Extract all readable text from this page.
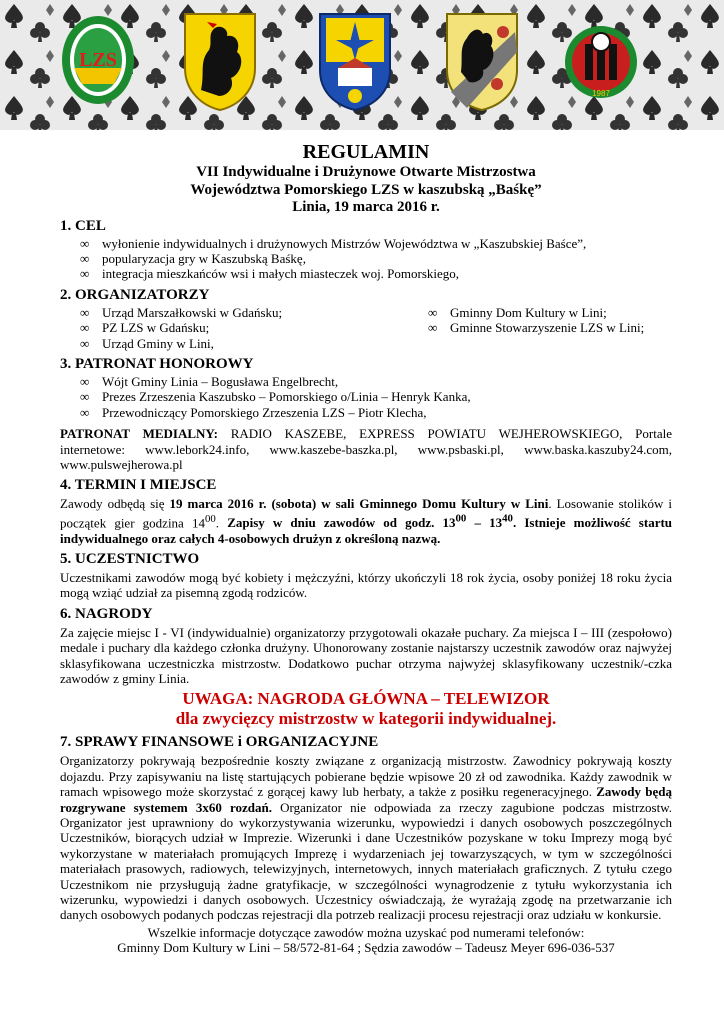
LZS
1987
REGULAMIN
VII Indywidualne i Drużynowe Otwarte Mistrzostwa
Województwa Pomorskiego LZS w kaszubską „Baśkę”
Linia, 19 marca 2016 r.
1. CEL
∞ wyłonienie indywidualnych i drużynowych Mistrzów Województwa w „Kaszubskiej Baśce”,
∞ popularyzacja gry w Kaszubską Baśkę,
∞ integracja mieszkańców wsi i małych miasteczek woj. Pomorskiego,
2. ORGANIZATORZY
∞ Urząd Marszałkowski w Gdańsku;
∞ PZ LZS w Gdańsku;
∞ Urząd Gminy w Lini,
∞ Gminny Dom Kultury w Lini;
∞ Gminne Stowarzyszenie LZS w Lini;
3. PATRONAT HONOROWY
∞ Wójt Gminy Linia – Bogusława Engelbrecht,
∞ Prezes Zrzeszenia Kaszubsko – Pomorskiego o/Linia – Henryk Kanka,
∞ Przewodniczący Pomorskiego Zrzeszenia LZS – Piotr Klecha,
PATRONAT MEDIALNY: RADIO KASZEBE, EXPRESS POWIATU WEJHEROWSKIEGO, Portale internetowe: www.lebork24.info, www.kaszebe-baszka.pl, www.psbaski.pl, www.baska.kaszuby24.com, www.pulswejherowa.pl
4. TERMIN I MIEJSCE
Zawody odbędą się 19 marca 2016 r. (sobota) w sali Gminnego Domu Kultury w Lini. Losowanie stolików i początek gier godzina $14^{00}$. Zapisy w dniu zawodów od godz. $13^{00} - 13^{40}$. Istnieje możliwość startu indywidualnego oraz całych 4-osobowych drużyn z określoną nazwą.
5. UCZESTNICTWO
Uczestnikami zawodów mogą być kobiety i mężczyźni, którzy ukończyli 18 rok życia, osoby poniżej 18 roku życia mogą wziąć udział za pisemną zgodą rodziców.
6. NAGRODY
Za zajęcie miejsc I - VI (indywidualnie) organizatorzy przygotowali okazałe puchary. Za miejsca I – III (zespołowo) medale i puchary dla każdego członka drużyny. Uhonorowany zostanie najstarszy uczestnik zawodów oraz najwyżej sklasyfikowana uczestniczka mistrzostw. Dodatkowo puchar otrzyma najwyżej sklasyfikowany uczestnik/-czka zawodów z gminy Linia.
UWAGA: NAGRODA GŁÓWNA – TELEWIZOR
dla zwycięzcy mistrzostw w kategorii indywidualnej.
7. SPRAWY FINANSOWE i ORGANIZACYJNE
Organizatorzy pokrywają bezpośrednie koszty związane z organizacją mistrzostw. Zawodnicy pokrywają koszty dojazdu. Przy zapisywaniu na listę startujących pobierane będzie wpisowe 20 zł od zawodnika. Każdy zawodnik w ramach wpisowego może skorzystać z gorącej kawy lub herbaty, a także z posiłku regeneracyjnego. Zawody będą rozgrywane systemem 3x60 rozdań. Organizator nie odpowiada za rzeczy zagubione podczas mistrzostw. Organizator jest uprawniony do wykorzystywania wizerunku, wypowiedzi i danych osobowych poszczególnych Uczestników, biorących udział w Imprezie. Wizerunki i dane Uczestników pozyskane w toku Imprezy mogą być wykorzystane w materiałach promujących Imprezę i wydarzeniach jej towarzyszących, w tym w szczególności materiałach prasowych, radiowych, telewizyjnych, internetowych, innych materiałach graficznych. Z tytułu czego Uczestnikom nie przysługują żadne gratyfikacje, w szczególności wynagrodzenie z tytułu wykorzystania ich wizerunku, wypowiedzi i danych osobowych. Uczestnicy oświadczają, że wyrażają zgodę na przetwarzanie ich danych osobowych podanych podczas rejestracji dla potrzeb realizacji procesu rejestracji oraz udziału w konkursie.
Wszelkie informacje dotyczące zawodów można uzyskać pod numerami telefonów:
Gminny Dom Kultury w Lini – 58/572-81-64 ; Sędzia zawodów – Tadeusz Meyer 696-036-537
